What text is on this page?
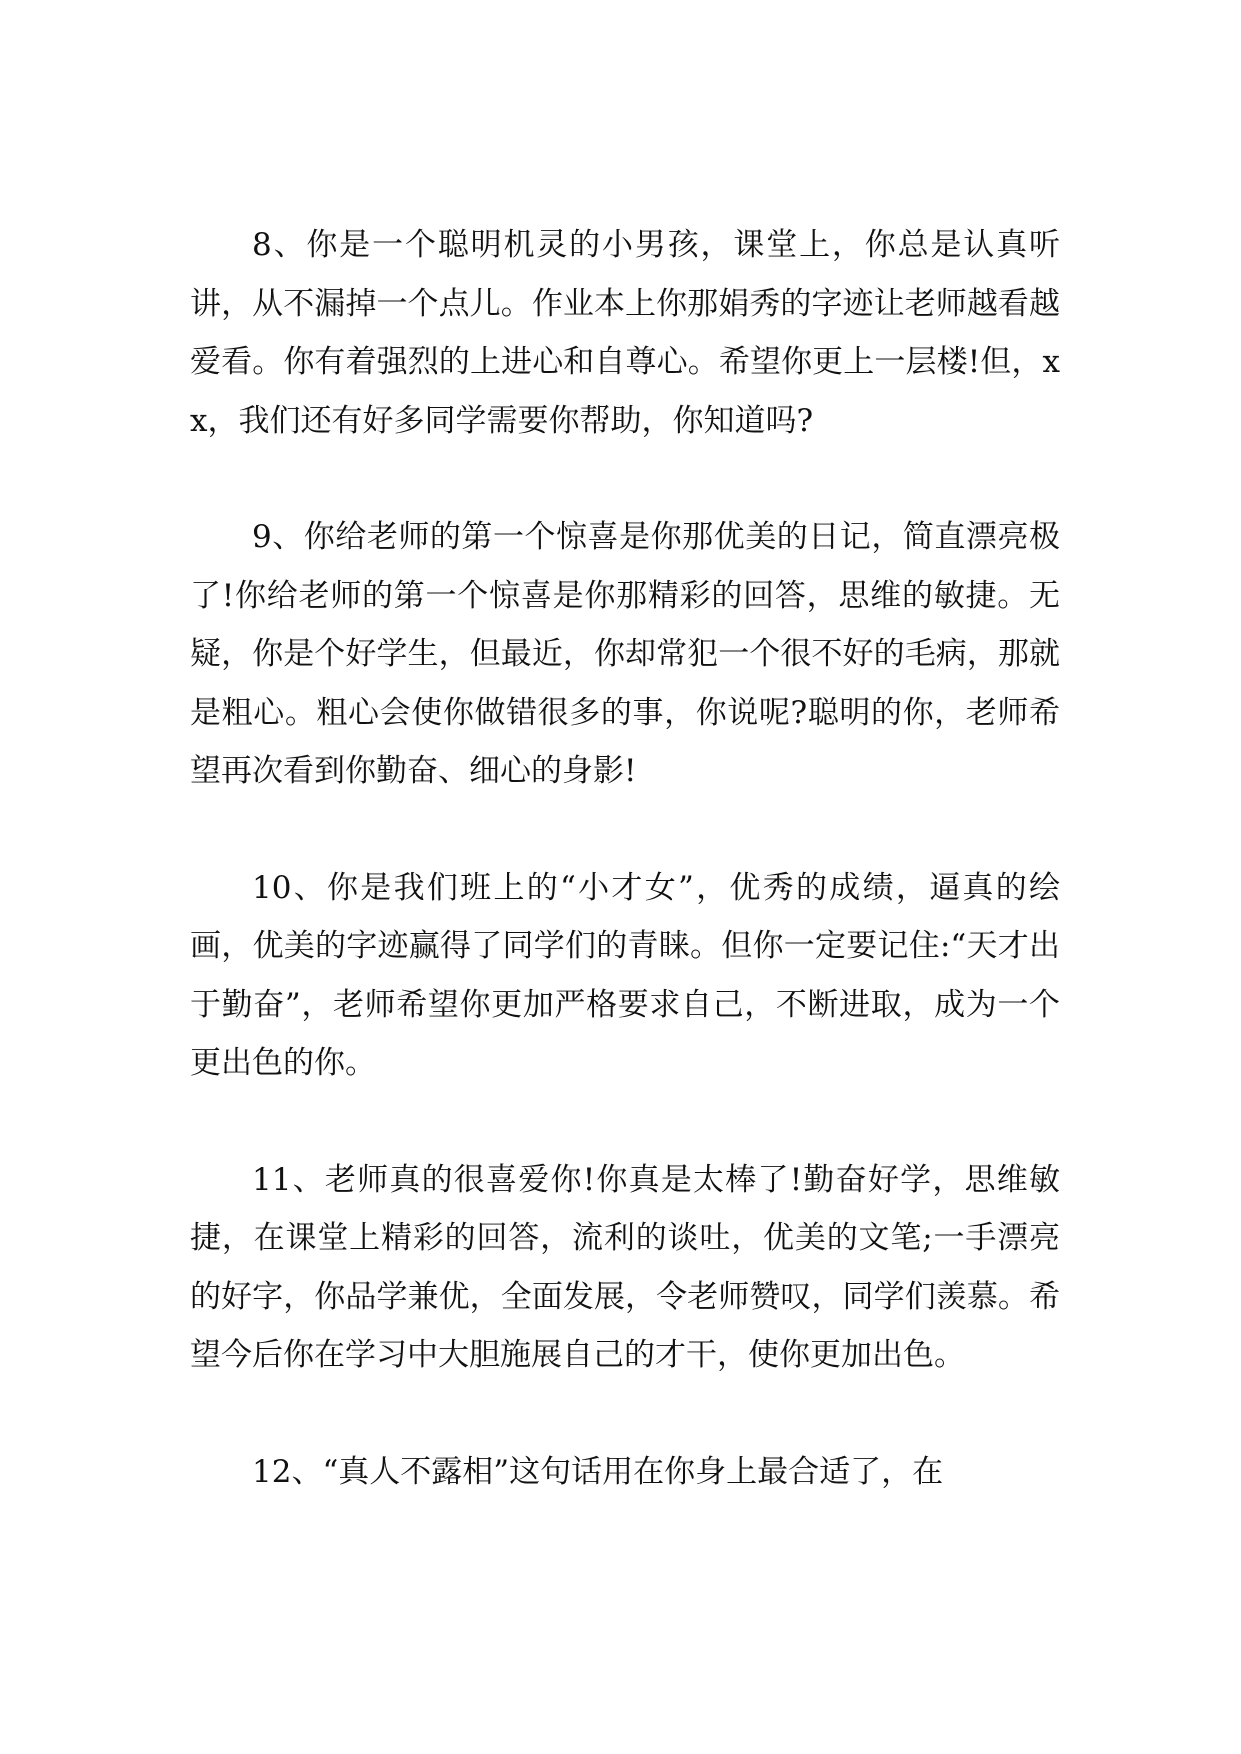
8、你是一个聪明机灵的小男孩，课堂上，你总是认真听讲，从不漏掉一个点儿。作业本上你那娟秀的字迹让老师越看越爱看。你有着强烈的上进心和自尊心。希望你更上一层楼!但，xx，我们还有好多同学需要你帮助，你知道吗?

9、你给老师的第一个惊喜是你那优美的日记，简直漂亮极了!你给老师的第一个惊喜是你那精彩的回答，思维的敏捷。无疑，你是个好学生，但最近，你却常犯一个很不好的毛病，那就是粗心。粗心会使你做错很多的事，你说呢?聪明的你，老师希望再次看到你勤奋、细心的身影!

10、你是我们班上的“小才女”，优秀的成绩，逼真的绘画，优美的字迹赢得了同学们的青睐。但你一定要记住:“天才出于勤奋”，老师希望你更加严格要求自己，不断进取，成为一个更出色的你。

11、老师真的很喜爱你!你真是太棒了!勤奋好学，思维敏捷，在课堂上精彩的回答，流利的谈吐，优美的文笔;一手漂亮的好字，你品学兼优，全面发展，令老师赞叹，同学们羡慕。希望今后你在学习中大胆施展自己的才干，使你更加出色。

12、“真人不露相”这句话用在你身上最合适了，在
